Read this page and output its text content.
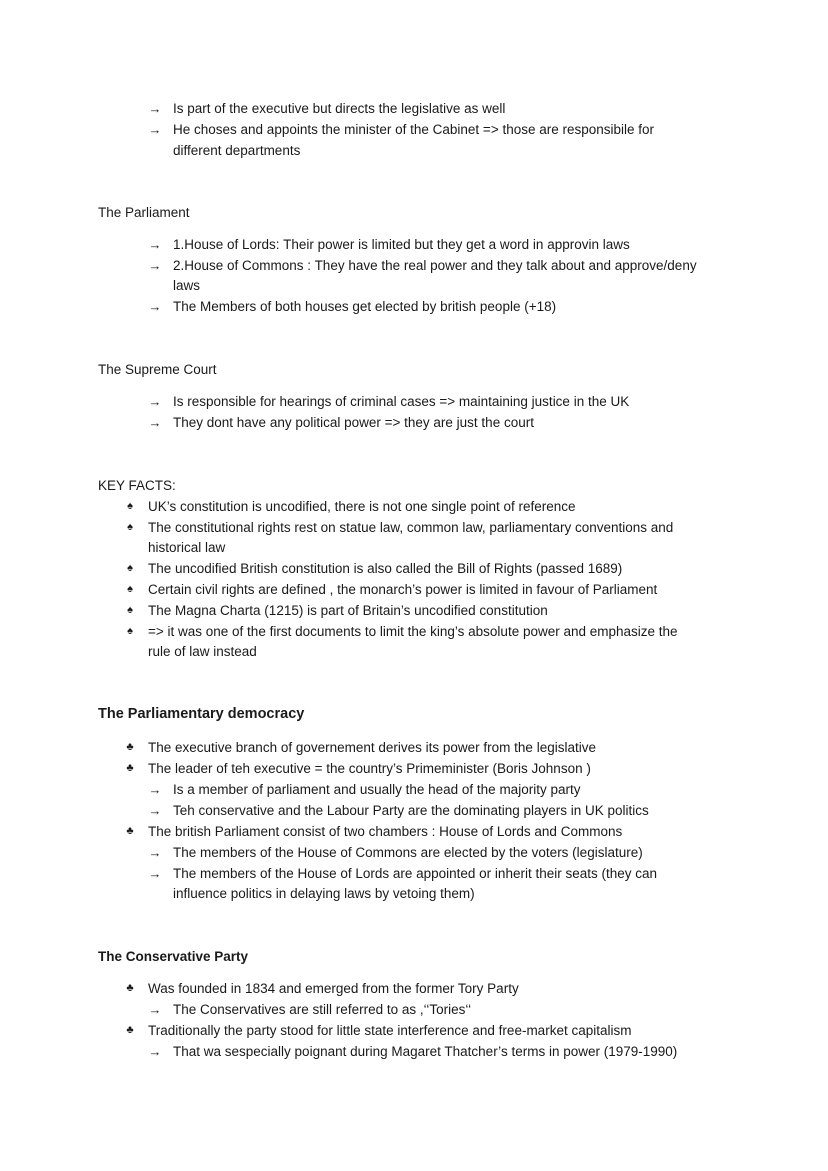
→ Is part of the executive but directs the legislative as well
→ He choses and appoints the minister of the Cabinet => those are responsibile for
different departments
The Parliament
→ 1.House of Lords: Their power is limited but they get a word in approvin laws
→ 2.House of Commons : They have the real power and they talk about and approve/deny
laws
→ The Members of both houses get elected by british people (+18)
The Supreme Court
→ Is responsible for hearings of criminal cases => maintaining justice in the UK
→ They dont have any political power => they are just the court
KEY FACTS:
♠	UK’s constitution is uncodified, there is not one single point of reference
♠	The constitutional rights rest on statue law, common law, parliamentary conventions and
historical law
♠	The uncodified British constitution is also called the Bill of Rights (passed 1689)
♠	Certain civil rights are defined , the monarch’s power is limited in favour of Parliament
♠	The Magna Charta (1215) is part of Britain’s uncodified constitution
♠	=> it was one of the first documents to limit the king’s absolute power and emphasize the
rule of law instead
The Parliamentary democracy
♣	The executive branch of governement derives its power from the legislative
♣	The leader of teh executive = the country’s Primeminister (Boris Johnson )
→ Is a member of parliament and usually the head of the majority party
→ Teh conservative and the Labour Party are the dominating players in UK politics
♣	The british Parliament consist of two chambers : House of Lords and Commons
→ The members of the House of Commons are elected by the voters (legislature)
→ The members of the House of Lords are appointed or inherit their seats (they can
influence politics in delaying laws by vetoing them)
The Conservative Party
♣	Was founded in 1834 and emerged from the former Tory Party
→ The Conservatives are still referred to as ,‘‘Tories‘‘
♣	Traditionally the party stood for little state interference and free-market capitalism
→ That wa sespecially poignant during Magaret Thatcher’s terms in power (1979-1990)
